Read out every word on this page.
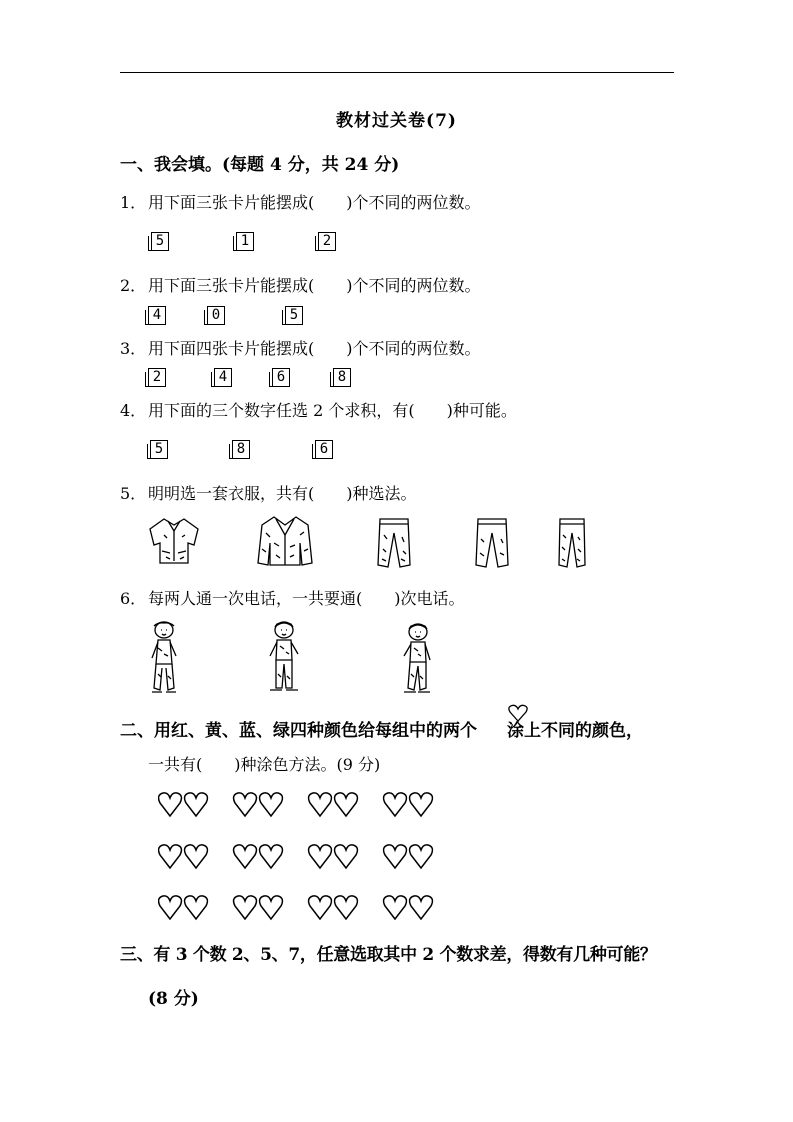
教材过关卷(7)
一、我会填。(每题 4 分，共 24 分)
1． 用下面三张卡片能摆成(　　)个不同的两位数。
5	1	2
2． 用下面三张卡片能摆成(　　)个不同的两位数。
4	0	5
3． 用下面四张卡片能摆成(　　)个不同的两位数。
2	4	6	8
4． 用下面的三个数字任选 2 个求积，有(　　)种可能。
5	8	6
5． 明明选一套衣服，共有(　　)种选法。
6． 每两人通一次电话，一共要通(　　)次电话。
二、用红、黄、蓝、绿四种颜色给每组中的两个 涂上不同的颜色，
一共有(　　)种涂色方法。(9 分)
三、有 3 个数 2、5、7，任意选取其中 2 个数求差，得数有几种可能？
(8 分)
